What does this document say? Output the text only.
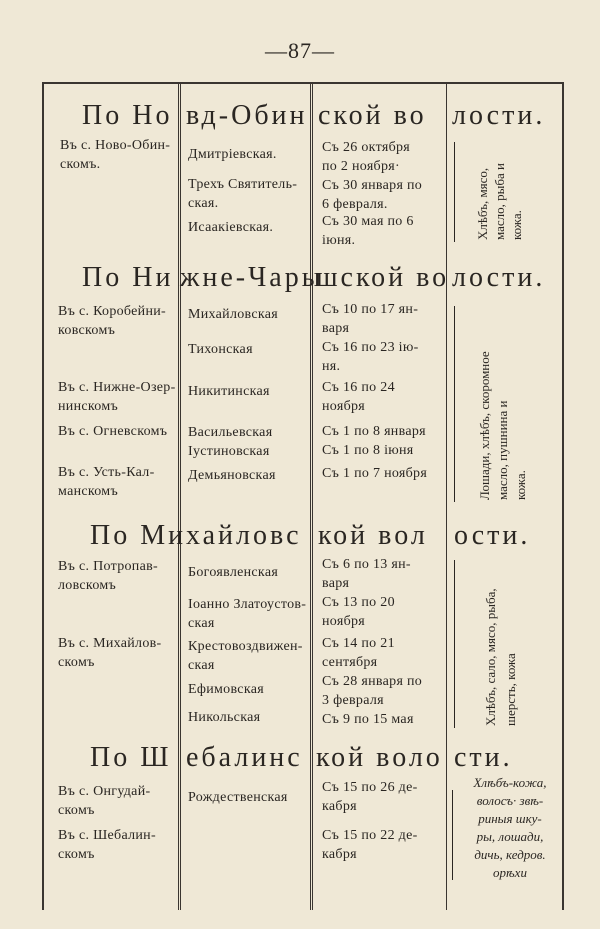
—87—
По Но вд-Обин ской во лости.
Въ с. Ново-Обин-
скомъ.
Дмитріевская.
Трехъ Святитель-
ская.
Исаакіевская.
Съ 26 октября
по 2 ноября·
Съ 30 января по
6 февраля.
Съ 30 мая по 6
іюня.
Хлѣбъ, мясо, масло, рыба и кожа.
По Ни жне-Чары
шской во лости.
Въ с. Коробейни-
ковскомъ
Въ с. Нижне-Озер-
нинскомъ
Въ с. Огневскомъ
Въ с. Усть-Кал-
манскомъ
Михайловская
Тихонская
Никитинская
Васильевская
Іустиновская
Демьяновская
Съ 10 по 17 ян-
варя
Съ 16 по 23 ію-
ня.
Съ 16 по 24
ноября
Съ 1 по 8 января
Съ 1 по 8 іюня
Съ 1 по 7 ноября	Лошади, хлѣбъ, скоромное масло, пушнина и кожа.
По Ми хайловс кой вол ости.
Въ с. Потропав-
ловскомъ
Въ с. Михайлов-
скомъ
Богоявленская
Іоанно Златоустов-
ская
Крестовоздвижен-
ская
Ефимовская
Никольская
Съ 6 по 13 ян-
варя
Съ 13 по 20
ноября
Съ 14 по 21
сентября
Съ 28 января по
3 февраля
Съ 9 по 15 мая	Хлѣбъ, сало, мясо, рыба, шерсть, кожа
По Ш ебалинс кой воло сти.
Въ с. Онгудай-
скомъ
Въ с. Шебалин-
скомъ
Рождественская
Съ 15 по 26 де-
кабря
Съ 15 по 22 де-
кабря
Хлѣбъ-кожа,
волосъ· звѣ-
риныя шку-
ры, лошади,
дичь, кедров.
орѣхи
